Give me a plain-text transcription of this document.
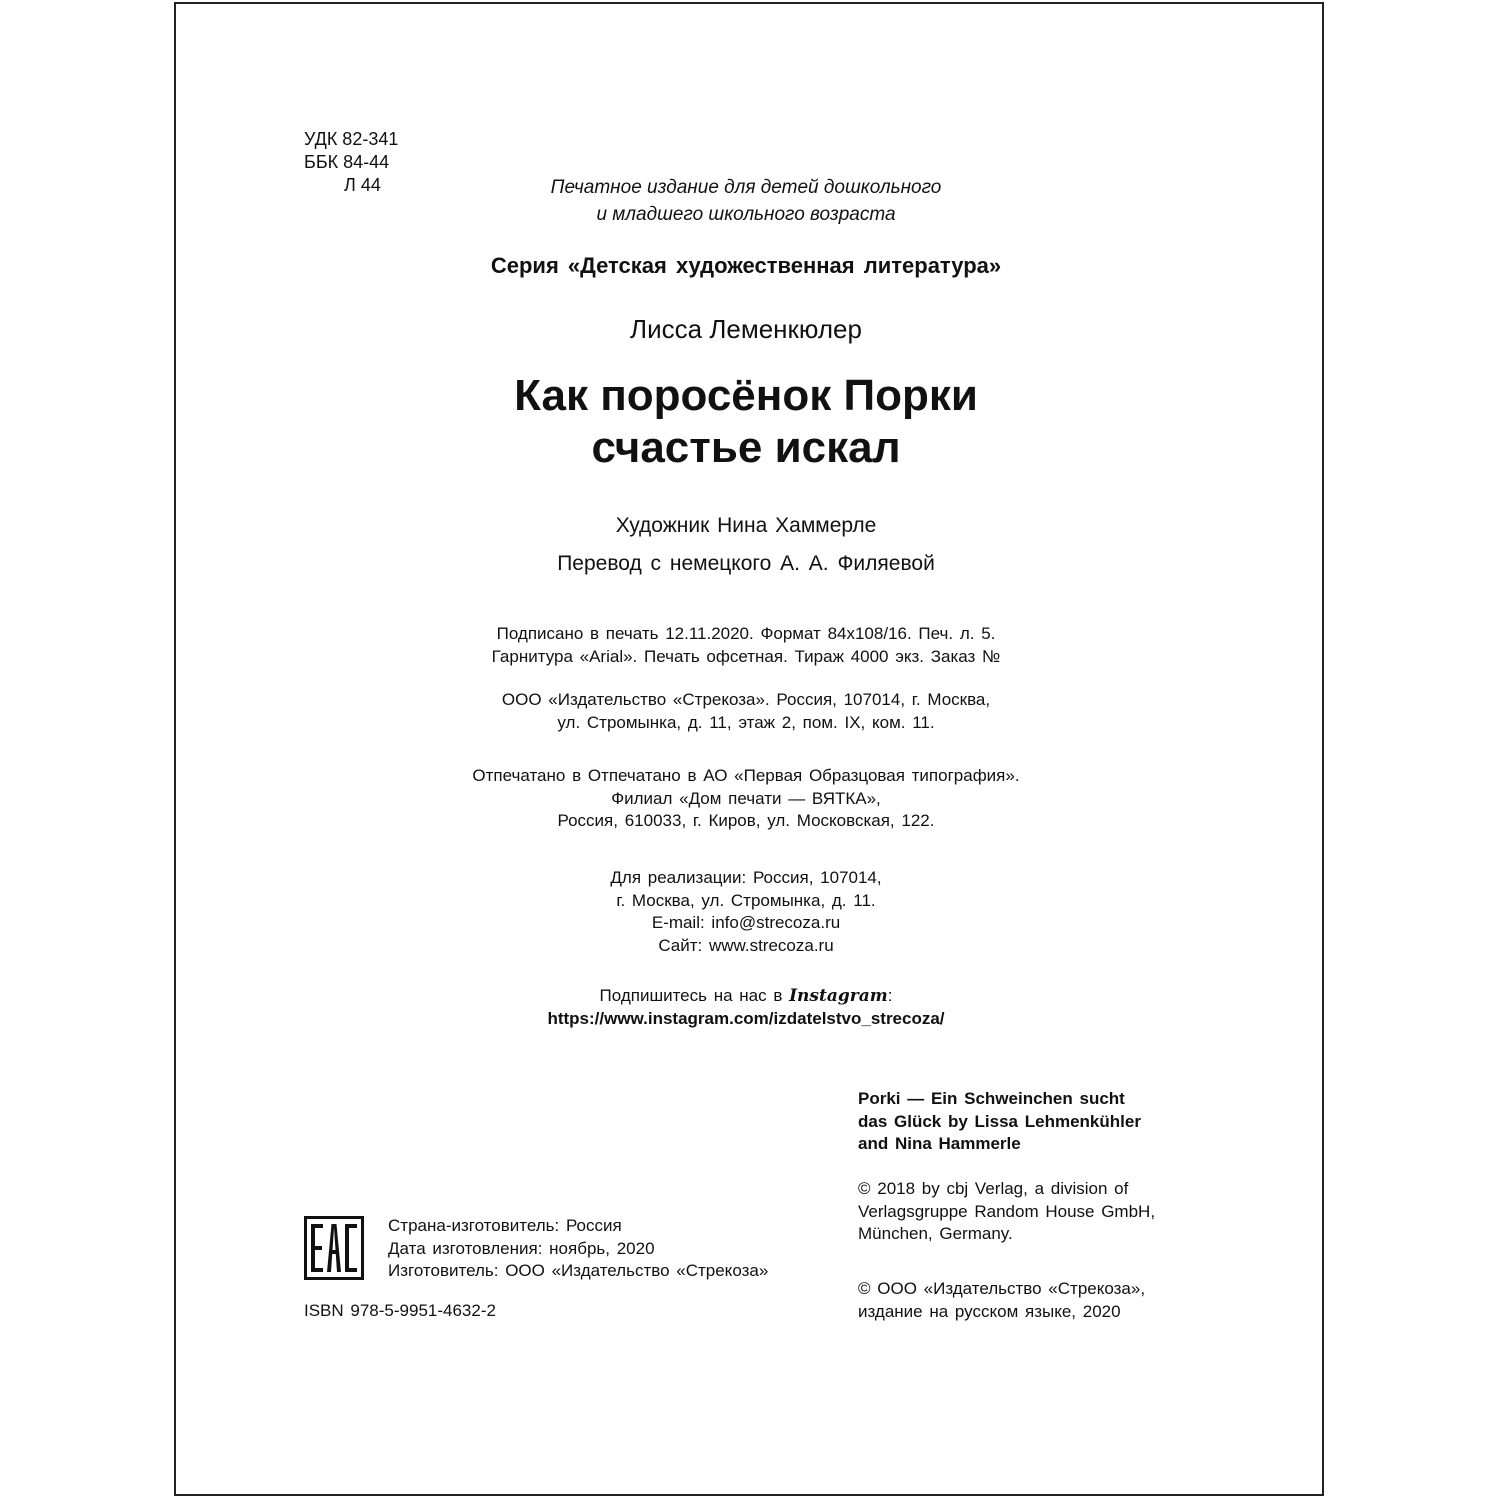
УДК 82-341
ББК 84-44
Л 44	Печатное издание для детей дошкольного
и младшего школьного возраста
Серия «Детская художественная литература»
Лисса Леменкюлер
Как поросёнок Порки
счастье искал
Художник Нина Хаммерле
Перевод с немецкого А. А. Филяевой
Подписано в печать 12.11.2020. Формат 84х108/16. Печ. л. 5.
Гарнитура «Arial». Печать офсетная. Тираж 4000 экз. Заказ №
ООО «Издательство «Стрекоза». Россия, 107014, г. Москва,
ул. Стромынка, д. 11, этаж 2, пом. IX, ком. 11.
Отпечатано в Отпечатано в АО «Первая Образцовая типография».
Филиал «Дом печати — ВЯТКА»,
Россия, 610033, г. Киров, ул. Московская, 122.
Для реализации: Россия, 107014,
г. Москва, ул. Стромынка, д. 11.
E-mail: info@strecoza.ru
Сайт: www.strecoza.ru
Подпишитесь на нас в Instagram:
https://www.instagram.com/izdatelstvo_strecoza/
Porki — Ein Schweinchen sucht
das Glück by Lissa Lehmenkühler
and Nina Hammerle
© 2018 by cbj Verlag, a division of
Verlagsgruppe Random House GmbH,
München, Germany.
© ООО «Издательство «Стрекоза»,
издание на русском языке, 2020
Страна-изготовитель: Россия
Дата изготовления: ноябрь, 2020
Изготовитель: ООО «Издательство «Стрекоза»
ISBN 978-5-9951-4632-2
